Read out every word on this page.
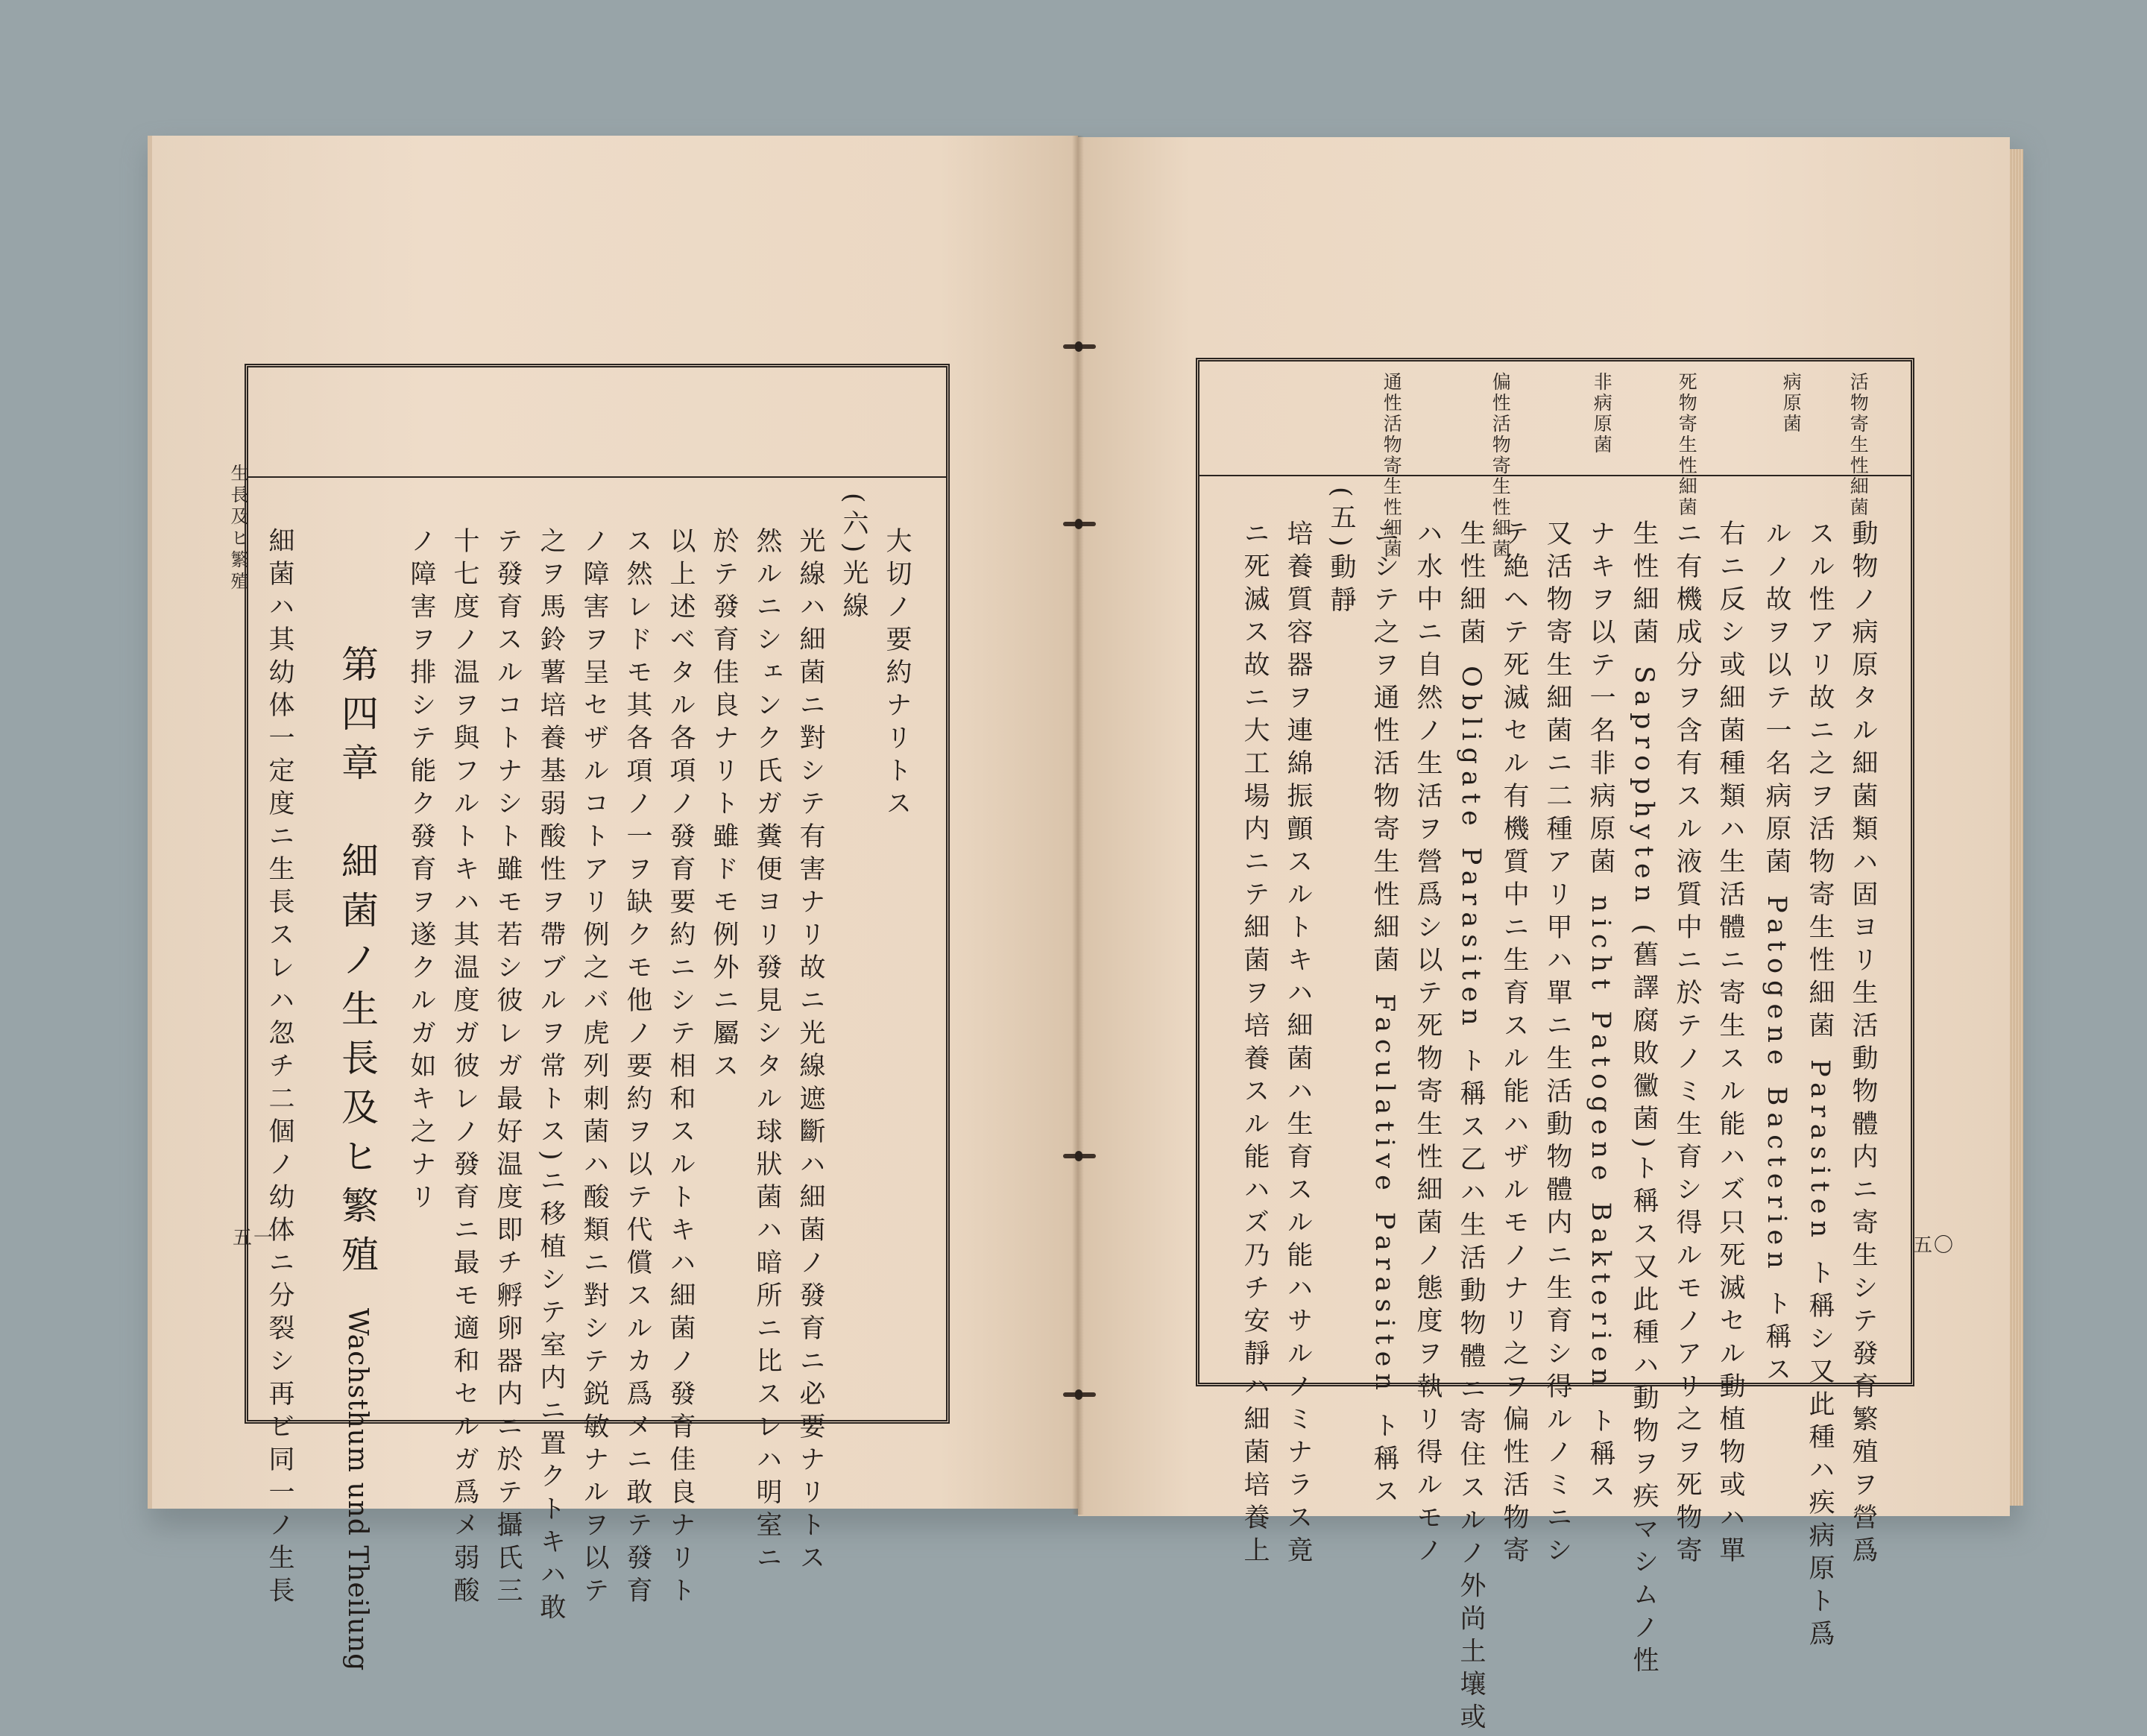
生長及ヒ繁殖
五一	五〇
活物寄生性細菌
病原菌
死物寄生性細菌
非病原菌
偏性活物寄生性細菌
通性活物寄生性細菌
動物ノ病原タル細菌類ハ固ヨリ生活動物體内ニ寄生シテ發育繁殖ヲ營爲
スル性アリ故ニ之ヲ活物寄生性細菌 Parasiten ト稱シ又此種ハ疾病原ト爲
ルノ故ヲ以テ一名病原菌 Patogene Bacterien ト稱ス
右ニ反シ或細菌種類ハ生活體ニ寄生スル能ハズ只死滅セル動植物或ハ單
ニ有機成分ヲ含有スル液質中ニ於テノミ生育シ得ルモノアリ之ヲ死物寄
生性細菌 Saprophyten (舊譯腐敗黴菌)ト稱ス又此種ハ動物ヲ疾マシムノ性
ナキヲ以テ一名非病原菌 nicht Patogene Bakterien ト稱ス
又活物寄生細菌ニ二種アリ甲ハ單ニ生活動物體内ニ生育シ得ルノミニシ
テ絶ヘテ死滅セル有機質中ニ生育スル能ハザルモノナリ之ヲ偏性活物寄
生性細菌 Obligate Parasiten ト稱ス乙ハ生活動物體ニ寄住スルノ外尚土壤或
ハ水中ニ自然ノ生活ヲ營爲シ以テ死物寄生性細菌ノ態度ヲ執リ得ルモノ
ニシテ之ヲ通性活物寄生性細菌 Faculative Parasiten ト稱ス
(五)動靜
培養質容器ヲ連綿振顫スルトキハ細菌ハ生育スル能ハサルノミナラス竟
ニ死滅ス故ニ大工場内ニテ細菌ヲ培養スル能ハズ乃チ安靜ハ細菌培養上
大切ノ要約ナリトス
(六)光線
光線ハ細菌ニ對シテ有害ナリ故ニ光線遮斷ハ細菌ノ發育ニ必要ナリトス
然ルニシェンク氏ガ糞便ヨリ發見シタル球狀菌ハ暗所ニ比スレハ明室ニ
於テ發育佳良ナリト雖ドモ例外ニ屬ス
以上述ベタル各項ノ發育要約ニシテ相和スルトキハ細菌ノ發育佳良ナリト
ス然レドモ其各項ノ一ヲ缺クモ他ノ要約ヲ以テ代償スルカ爲メニ敢テ發育
ノ障害ヲ呈セザルコトアリ例之バ虎列刺菌ハ酸類ニ對シテ鋭敏ナルヲ以テ
之ヲ馬鈴薯培養基弱酸性ヲ帶ブルヲ常トス)ニ移植シテ室内ニ置クトキハ敢
テ發育スルコトナシト雖モ若シ彼レガ最好温度即チ孵卵器内ニ於テ攝氏三
十七度ノ温ヲ與フルトキハ其温度ガ彼レノ發育ニ最モ適和セルガ爲メ弱酸
ノ障害ヲ排シテ能ク發育ヲ遂クルガ如キ之ナリ
第四章　細菌ノ生長及ヒ繁殖 Wachsthum und Theilung
細菌ハ其幼体一定度ニ生長スレハ忽チ二個ノ幼体ニ分裂シ再ビ同一ノ生長
